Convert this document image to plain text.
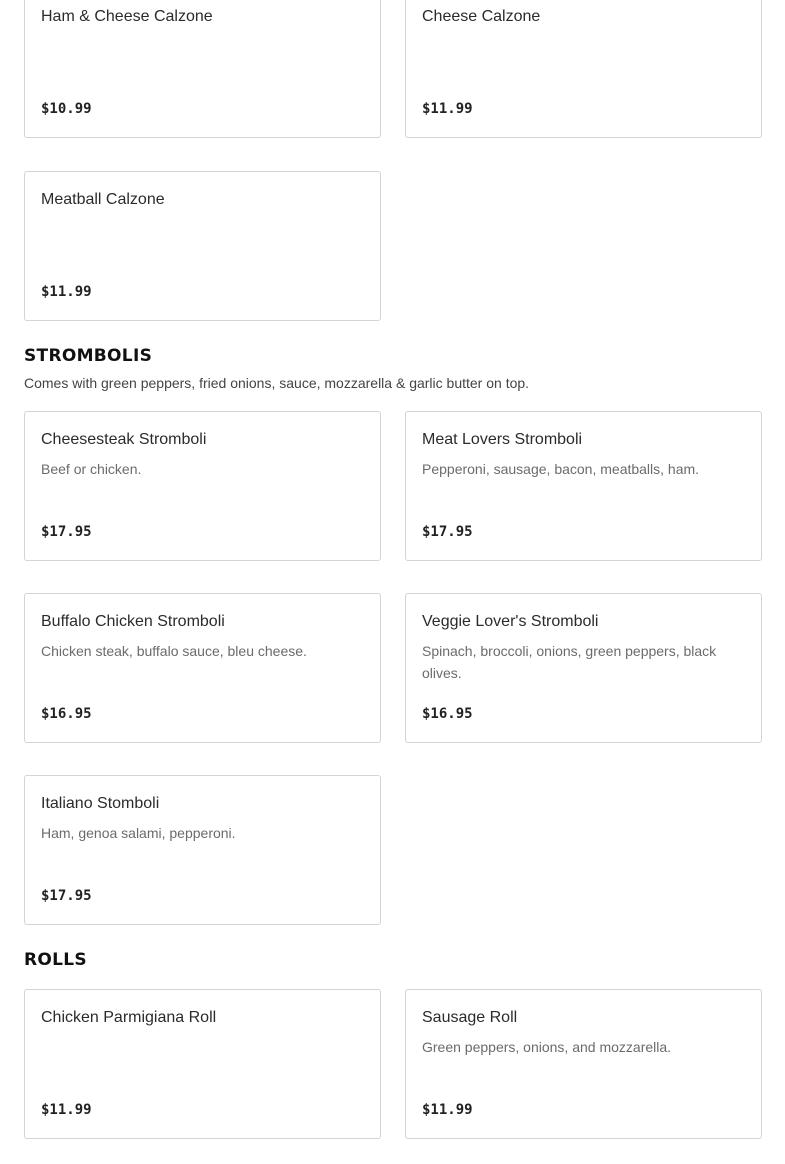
Ham & Cheese Calzone
$10.99
Cheese Calzone
$11.99
Meatball Calzone
$11.99
STROMBOLIS

Comes with green peppers, fried onions, sauce, mozzarella & garlic butter on top.

Cheesesteak Stromboli
Beef or chicken.
$17.95
Meat Lovers Stromboli
Pepperoni, sausage, bacon, meatballs, ham.
$17.95
Buffalo Chicken Stromboli
Chicken steak, buffalo sauce, bleu cheese.
$16.95
Veggie Lover's Stromboli
Spinach, broccoli, onions, green peppers, black olives.
$16.95
Italiano Stomboli
Ham, genoa salami, pepperoni.
$17.95
ROLLS
Chicken Parmigiana Roll
$11.99
Sausage Roll
Green peppers, onions, and mozzarella.
$11.99
